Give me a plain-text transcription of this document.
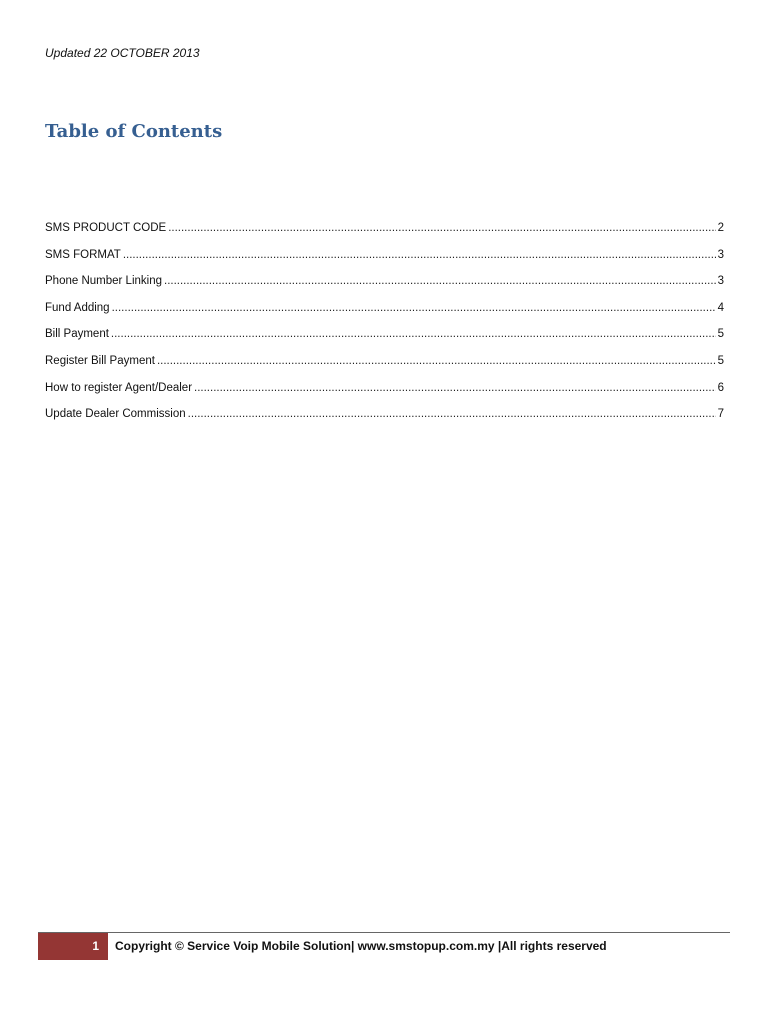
Updated 22 OCTOBER 2013
Table of Contents
SMS PRODUCT CODE .....	2
SMS FORMAT .....	3
Phone Number Linking .....	3
Fund Adding .....	4
Bill Payment .....	5
Register Bill Payment .....	5
How to register Agent/Dealer .....	6
Update Dealer Commission .....	7
1 Copyright © Service Voip Mobile Solution| www.smstopup.com.my |All rights reserved
